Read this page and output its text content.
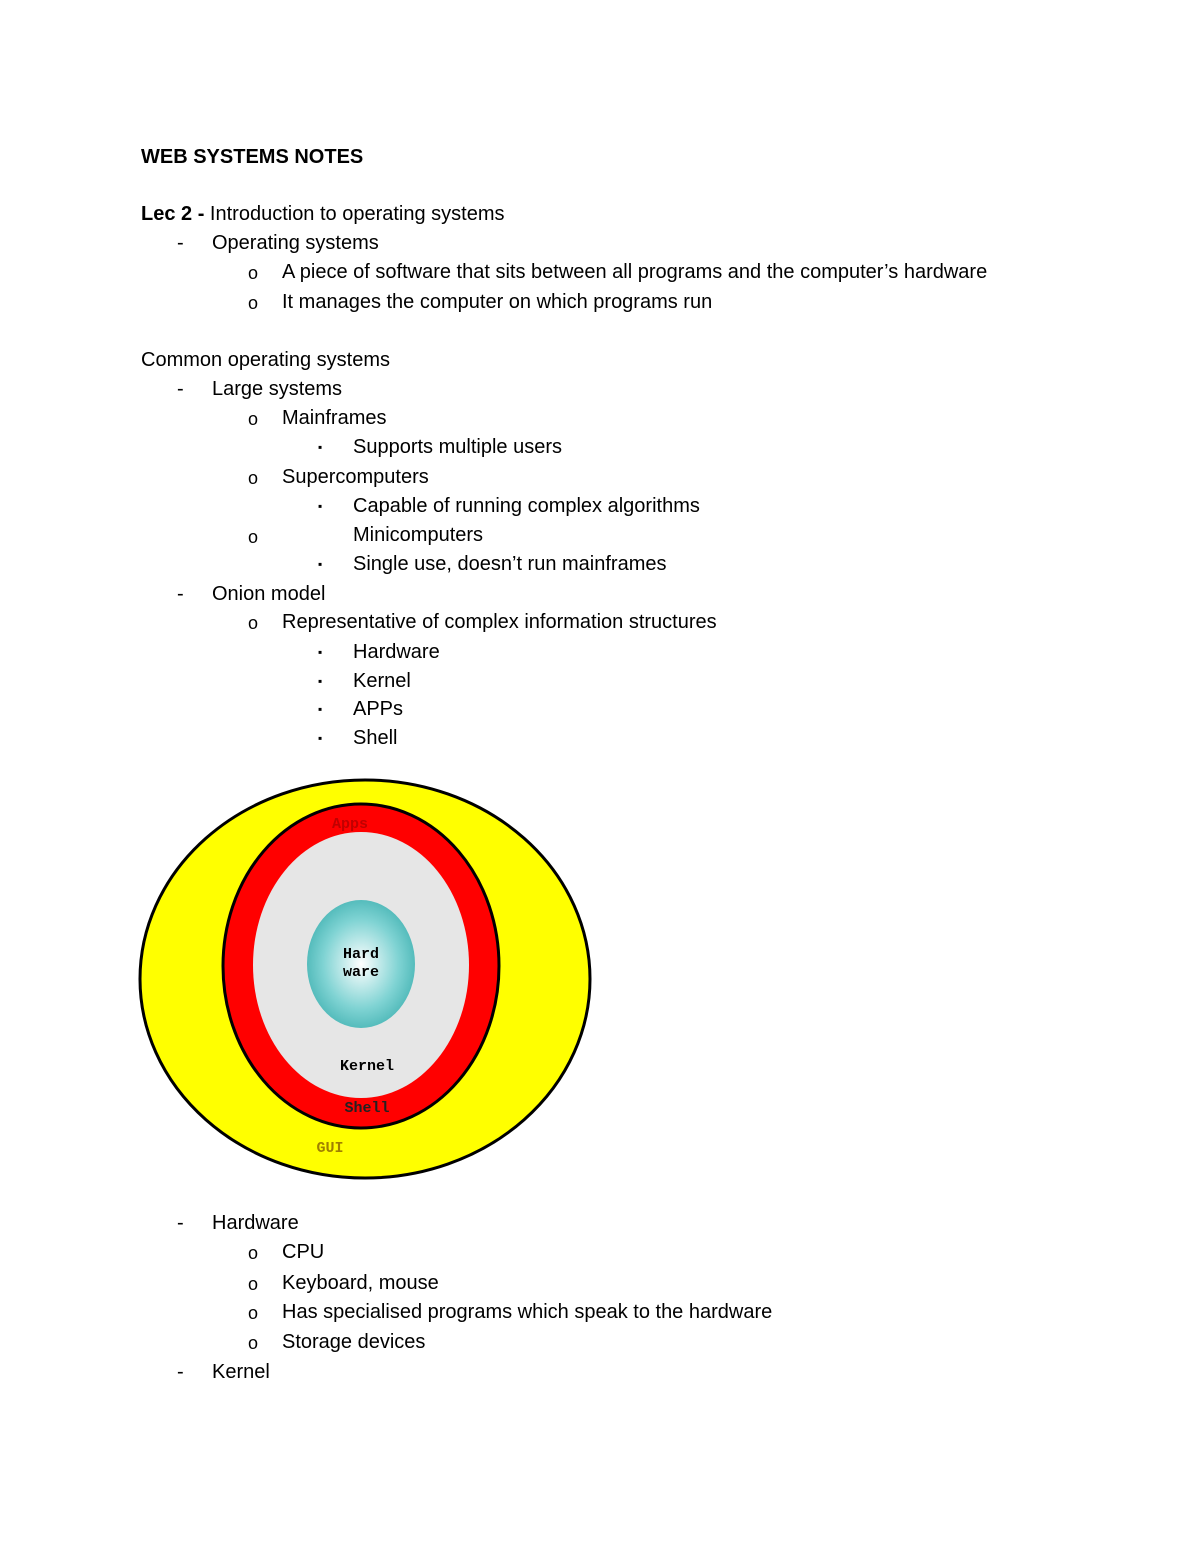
WEB SYSTEMS NOTES
Lec 2 - Introduction to operating systems
- Operating systems
o A piece of software that sits between all programs and the computer’s hardware
o It manages the computer on which programs run
Common operating systems
- Large systems
o Mainframes
▪ Supports multiple users
o Supercomputers
▪ Capable of running complex algorithms
o	Minicomputers
▪ Single use, doesn’t run mainframes
- Onion model
o Representative of complex information structures
▪ Hardware
▪ Kernel
▪ APPs
▪ Shell
Hard
ware
Kernel
Shell
Apps
GUI
- Hardware
o CPU
o Keyboard, mouse
o Has specialised programs which speak to the hardware
o Storage devices
- Kernel
